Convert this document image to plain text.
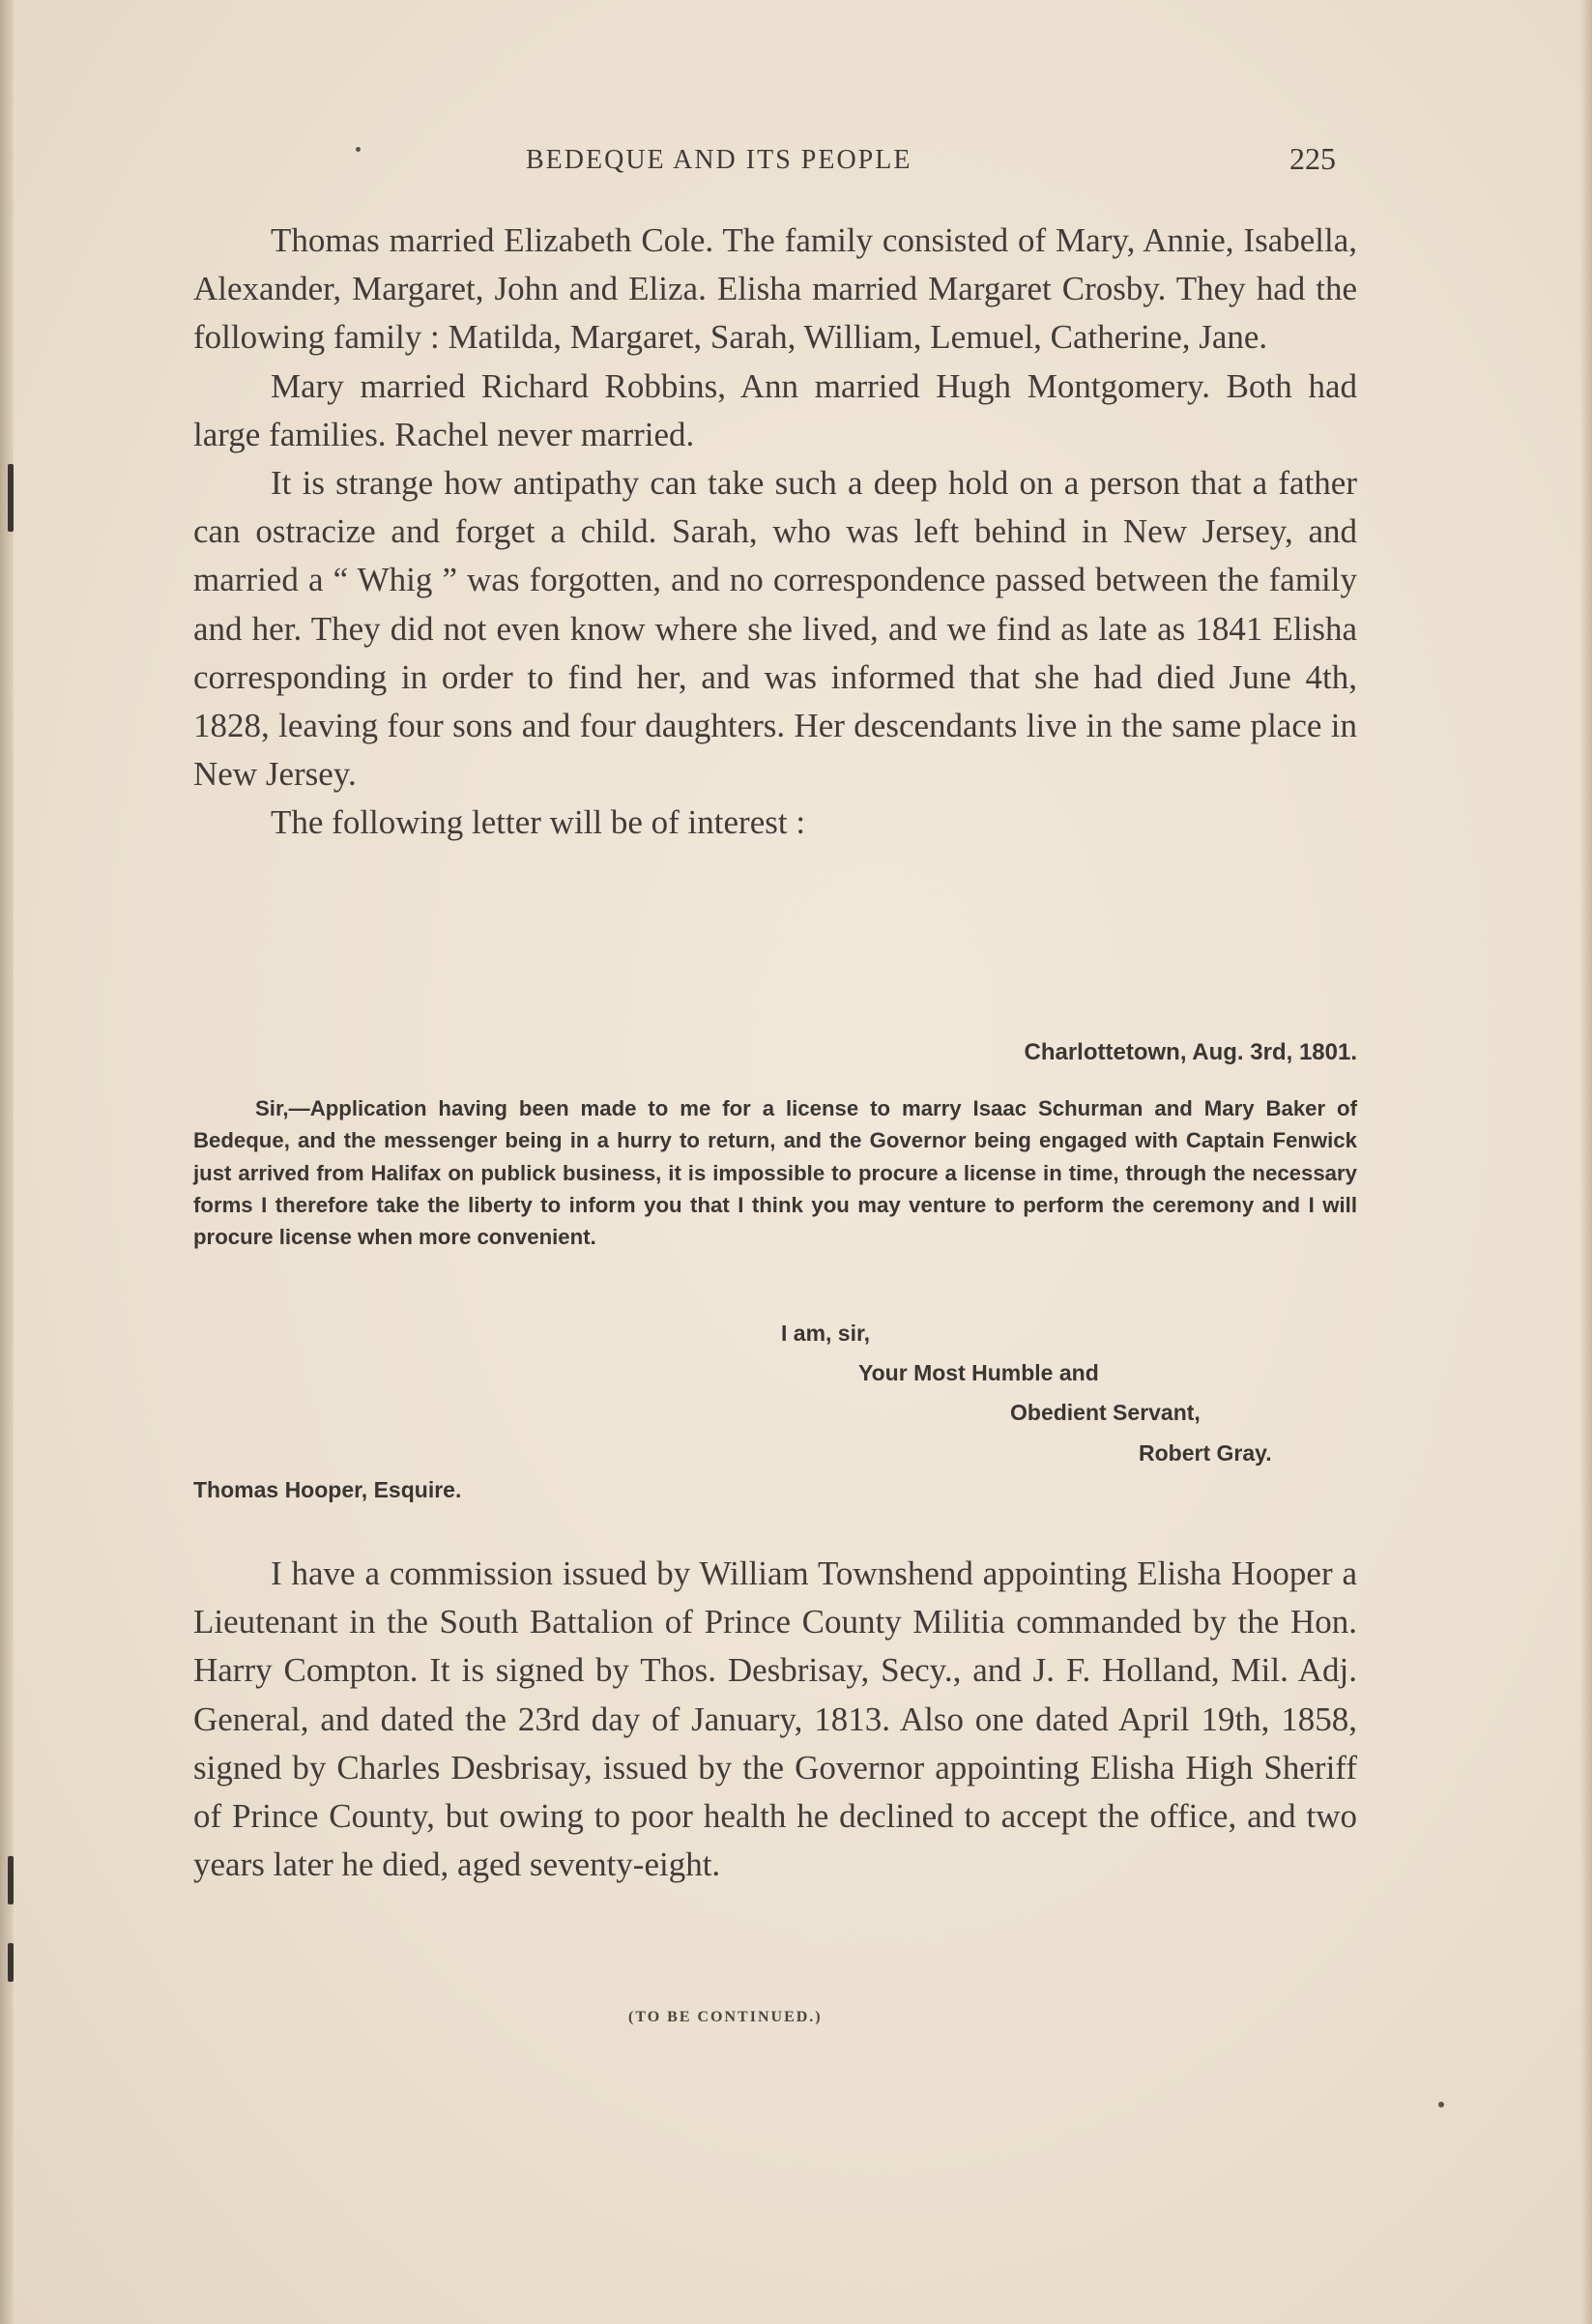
BEDEQUE AND ITS PEOPLE	225

Thomas married Elizabeth Cole. The family consisted of Mary, Annie, Isabella, Alexander, Margaret, John and Eliza. Elisha married Margaret Crosby. They had the following family : Matilda, Margaret, Sarah, William, Lemuel, Catherine, Jane.

Mary married Richard Robbins, Ann married Hugh Montgomery. Both had large families. Rachel never married.

It is strange how antipathy can take such a deep hold on a person that a father can ostracize and forget a child. Sarah, who was left behind in New Jersey, and married a “ Whig ” was forgotten, and no correspondence passed between the family and her. They did not even know where she lived, and we find as late as 1841 Elisha corresponding in order to find her, and was informed that she had died June 4th, 1828, leaving four sons and four daughters. Her descendants live in the same place in New Jersey.

The following letter will be of interest :

Charlottetown, Aug. 3rd, 1801.

Sir,—Application having been made to me for a license to marry Isaac Schurman and Mary Baker of Bedeque, and the messenger being in a hurry to return, and the Governor being engaged with Captain Fenwick just arrived from Halifax on publick business, it is impossible to procure a license in time, through the necessary forms I therefore take the liberty to inform you that I think you may venture to perform the ceremony and I will procure license when more convenient.

I am, sir,
Your Most Humble and
Obedient Servant,
Robert Gray.
Thomas Hooper, Esquire.

I have a commission issued by William Townshend appointing Elisha Hooper a Lieutenant in the South Battalion of Prince County Militia commanded by the Hon. Harry Compton. It is signed by Thos. Desbrisay, Secy., and J. F. Holland, Mil. Adj. General, and dated the 23rd day of January, 1813. Also one dated April 19th, 1858, signed by Charles Desbrisay, issued by the Governor appointing Elisha High Sheriff of Prince County, but owing to poor health he declined to accept the office, and two years later he died, aged seventy-eight.

(TO BE CONTINUED.)
